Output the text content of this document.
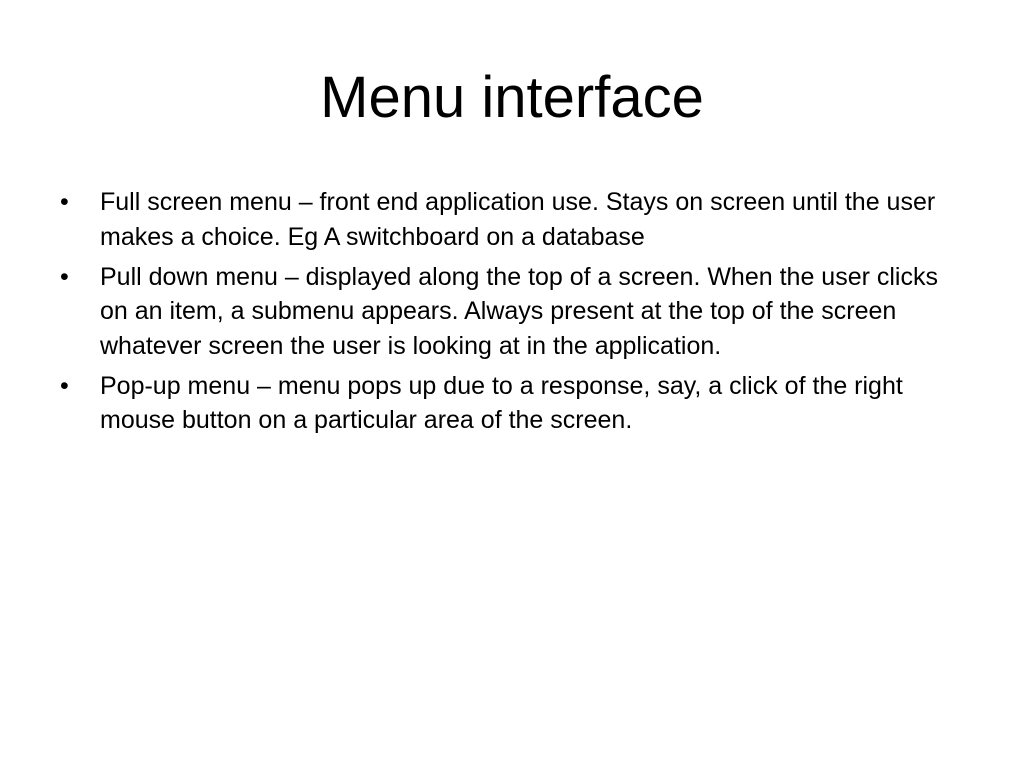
Menu interface
• Full screen menu – front end application use. Stays on screen until the user makes a choice. Eg A switchboard on a database
• Pull down menu – displayed along the top of a screen. When the user clicks on an item, a submenu appears. Always present at the top of the screen whatever screen the user is looking at in the application.
• Pop-up menu – menu pops up due to a response, say, a click of the right mouse button on a particular area of the screen.
